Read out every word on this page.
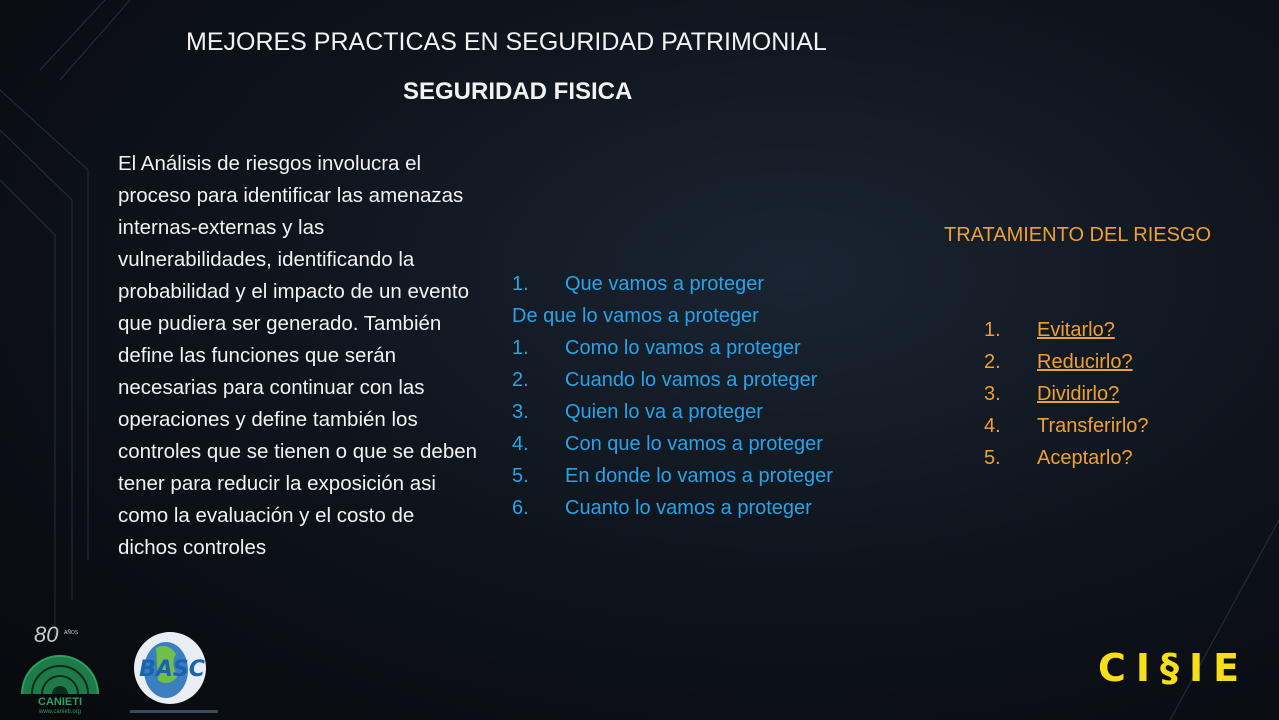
MEJORES PRACTICAS EN SEGURIDAD PATRIMONIAL
SEGURIDAD FISICA
El Análisis de riesgos involucra el proceso para identificar las amenazas internas-externas y las vulnerabilidades, identificando la probabilidad y el impacto de un evento que pudiera ser generado. También define las funciones que serán necesarias para continuar con las operaciones y define también los controles que se tienen o que se deben tener para reducir la exposición asi como la evaluación y el costo de dichos controles
1.	Que vamos a proteger
De que lo vamos a proteger
1.	Como lo vamos a proteger
2.	Cuando lo vamos a proteger
3.	Quien lo va a proteger
4.	Con que lo vamos a proteger
5.	En donde lo vamos a proteger
6.	Cuanto lo vamos a proteger
TRATAMIENTO DEL RIESGO
1.	Evitarlo?
2.	Reducirlo?
3.	Dividirlo?
4.	Transferirlo?
5.	Aceptarlo?
80 AÑOS
CANIETI
www.canieti.org
BASC	CI§IE
